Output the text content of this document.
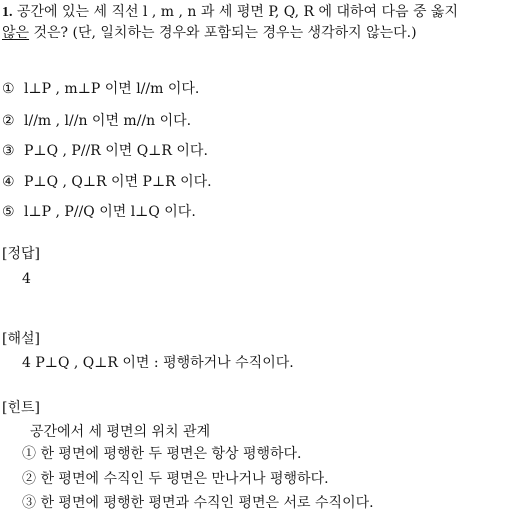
1. 공간에 있는 세 직선 l , m , n 과 세 평면 P, Q, R 에 대하여 다음 중 옳지
않은 것은? (단, 일치하는 경우와 포함되는 경우는 생각하지 않는다.)
① l⊥P , m⊥P 이면 l//m 이다.
② l//m , l//n 이면 m//n 이다.
③ P⊥Q , P//R 이면 Q⊥R 이다.
④ P⊥Q , Q⊥R 이면 P⊥R 이다.
⑤ l⊥P , P//Q 이면 l⊥Q 이다.
[정답]
4
[해설]
4 P⊥Q , Q⊥R 이면 : 평행하거나 수직이다.
[힌트]
공간에서 세 평면의 위치 관계
① 한 평면에 평행한 두 평면은 항상 평행하다.
② 한 평면에 수직인 두 평면은 만나거나 평행하다.
③ 한 평면에 평행한 평면과 수직인 평면은 서로 수직이다.
